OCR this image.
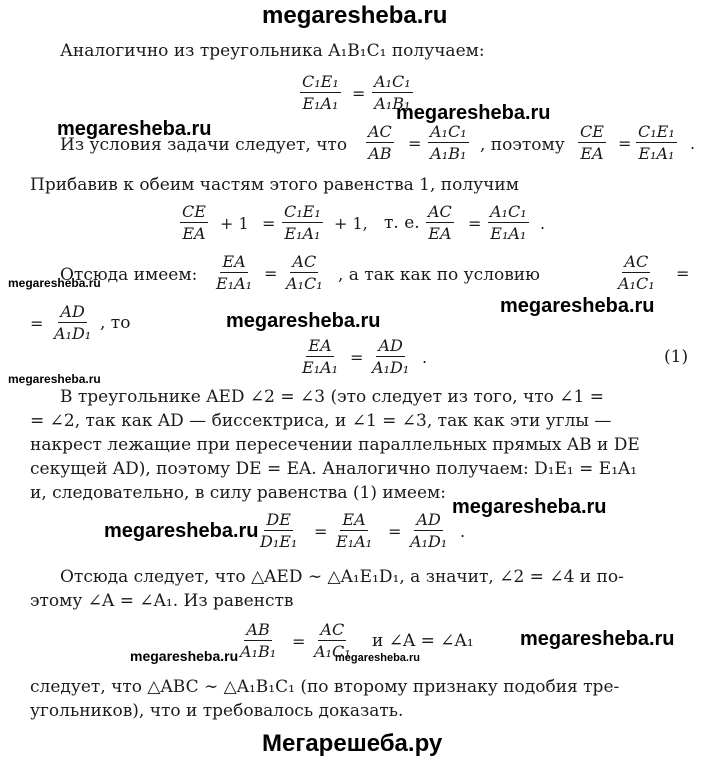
megaresheba.ru
megaresheba.ru
megaresheba.ru
megaresheba.ru
megaresheba.ru
megaresheba.ru
megaresheba.ru
megaresheba.ru
megaresheba.ru
megaresheba.ru
megaresheba.ru	megaresheba.ru
Мегарешеба.ру
Аналогично из треугольника A₁B₁C₁ получаем:
$\frac{\text{C₁E₁}}{\text{E₁A₁}} = \frac{\text{A₁C₁}}{\text{A₁B₁}}$
Из условия задачи следует, что $\frac{AC}{AB} = \frac{\text{A₁C₁}}{\text{A₁B₁}}$ , поэтому $\frac{CE}{EA} = \frac{\text{C₁E₁}}{\text{E₁A₁}}$ .
Прибавив к обеим частям этого равенства 1, получим
$\frac{CE}{EA} + 1 = \frac{\text{C₁E₁}}{\text{E₁A₁}} + 1$, т. е. $\frac{AC}{EA} = \frac{\text{A₁C₁}}{\text{E₁A₁}}$ .
Отсюда имеем: $\frac{EA}{\text{E₁A₁}} = \frac{AC}{\text{A₁C₁}}$ , а так как по условию	$\frac{AC}{\text{A₁C₁}}$ =
= $\frac{AD}{\text{A₁D₁}}$ , то
$\frac{EA}{\text{E₁A₁}} = \frac{AD}{\text{A₁D₁}}$ .	(1)
В треугольнике AED ∠2 = ∠3 (это следует из того, что ∠1 =
= ∠2, так как AD — биссектриса, и ∠1 = ∠3, так как эти углы —
накрест лежащие при пересечении параллельных прямых AB и DE
секущей AD), поэтому DE = EA. Аналогично получаем: D₁E₁ = E₁A₁
и, следовательно, в силу равенства (1) имеем:
$\frac{DE}{\text{D₁E₁}} = \frac{EA}{\text{E₁A₁}} = \frac{AD}{\text{A₁D₁}}$ .
Отсюда следует, что △AED ∼ △A₁E₁D₁, а значит, ∠2 = ∠4 и по-
этому ∠A = ∠A₁. Из равенств
$\frac{AB}{\text{A₁B₁}} = \frac{AC}{\text{A₁C₁}}$ и ∠A = ∠A₁
следует, что △ABC ∼ △A₁B₁C₁ (по второму признаку подобия тре-
угольников), что и требовалось доказать.
